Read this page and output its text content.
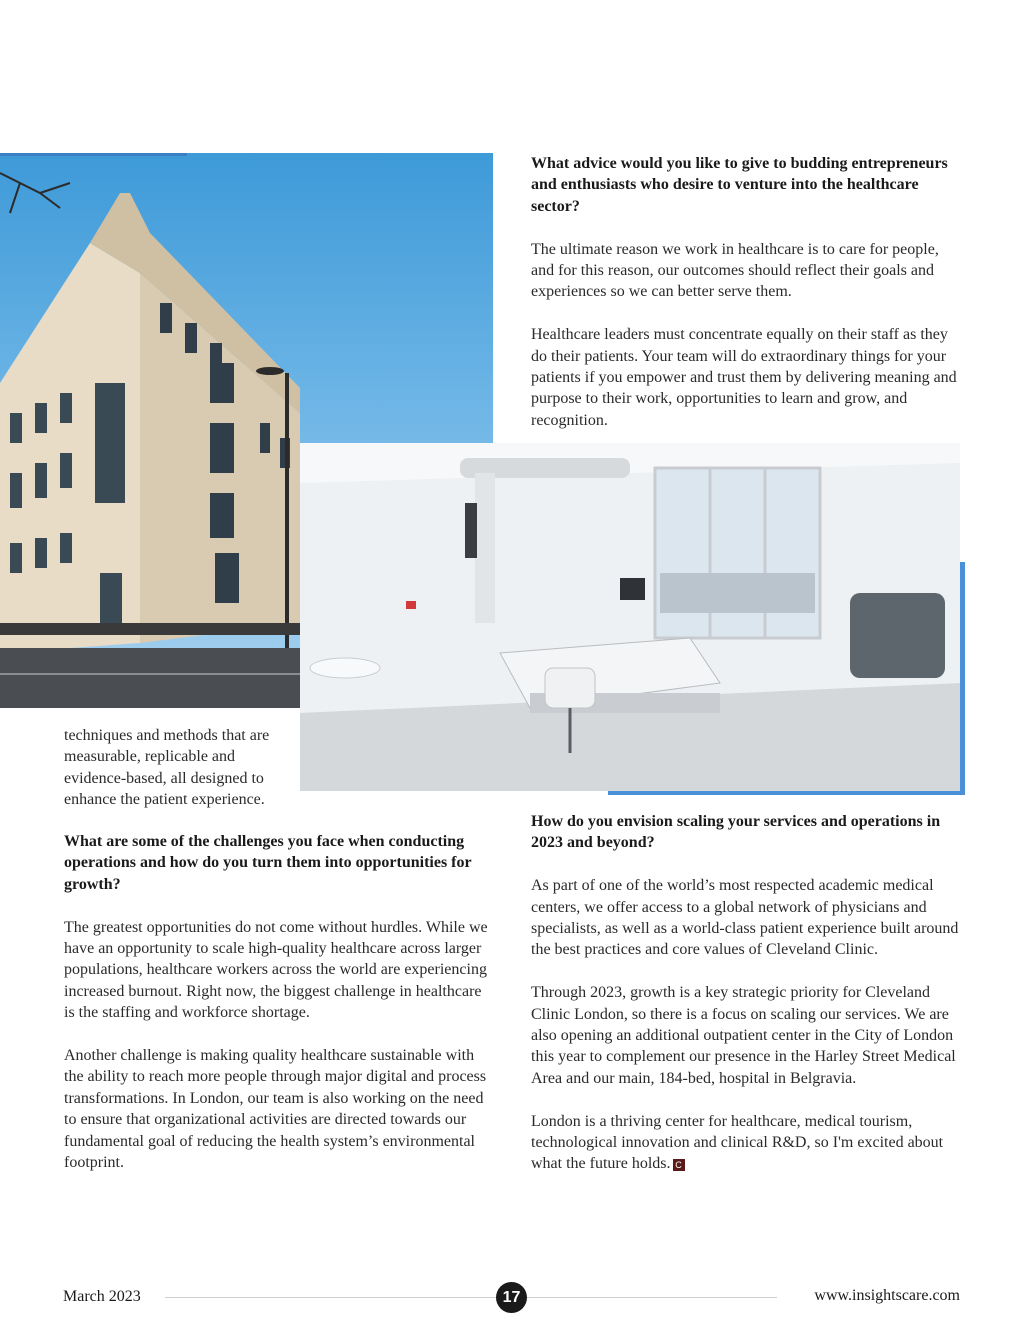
What advice would you like to give to budding entrepreneurs and enthusiasts who desire to venture into the healthcare sector?

The ultimate reason we work in healthcare is to care for people, and for this reason, our outcomes should reflect their goals and experiences so we can better serve them.

Healthcare leaders must concentrate equally on their staff as they do their patients. Your team will do extraordinary things for your patients if you empower and trust them by delivering meaning and purpose to their work, opportunities to learn and grow, and recognition.

techniques and methods that are measurable, replicable and evidence-based, all designed to enhance the patient experience.

What are some of the challenges you face when conducting operations and how do you turn them into opportunities for growth?

The greatest opportunities do not come without hurdles. While we have an opportunity to scale high-quality healthcare across larger populations, healthcare workers across the world are experiencing increased burnout. Right now, the biggest challenge in healthcare is the staffing and workforce shortage.

Another challenge is making quality healthcare sustainable with the ability to reach more people through major digital and process transformations. In London, our team is also working on the need to ensure that organizational activities are directed towards our fundamental goal of reducing the health system’s environmental footprint.

How do you envision scaling your services and operations in 2023 and beyond?

As part of one of the world’s most respected academic medical centers, we offer access to a global network of physicians and specialists, as well as a world-class patient experience built around the best practices and core values of Cleveland Clinic.

Through 2023, growth is a key strategic priority for Cleveland Clinic London, so there is a focus on scaling our services. We are also opening an additional outpatient center in the City of London this year to complement our presence in the Harley Street Medical Area and our main, 184-bed, hospital in Belgravia.

London is a thriving center for healthcare, medical tourism, technological innovation and clinical R&D, so I'm excited about what the future holds. C

March 2023	17	www.insightscare.com
